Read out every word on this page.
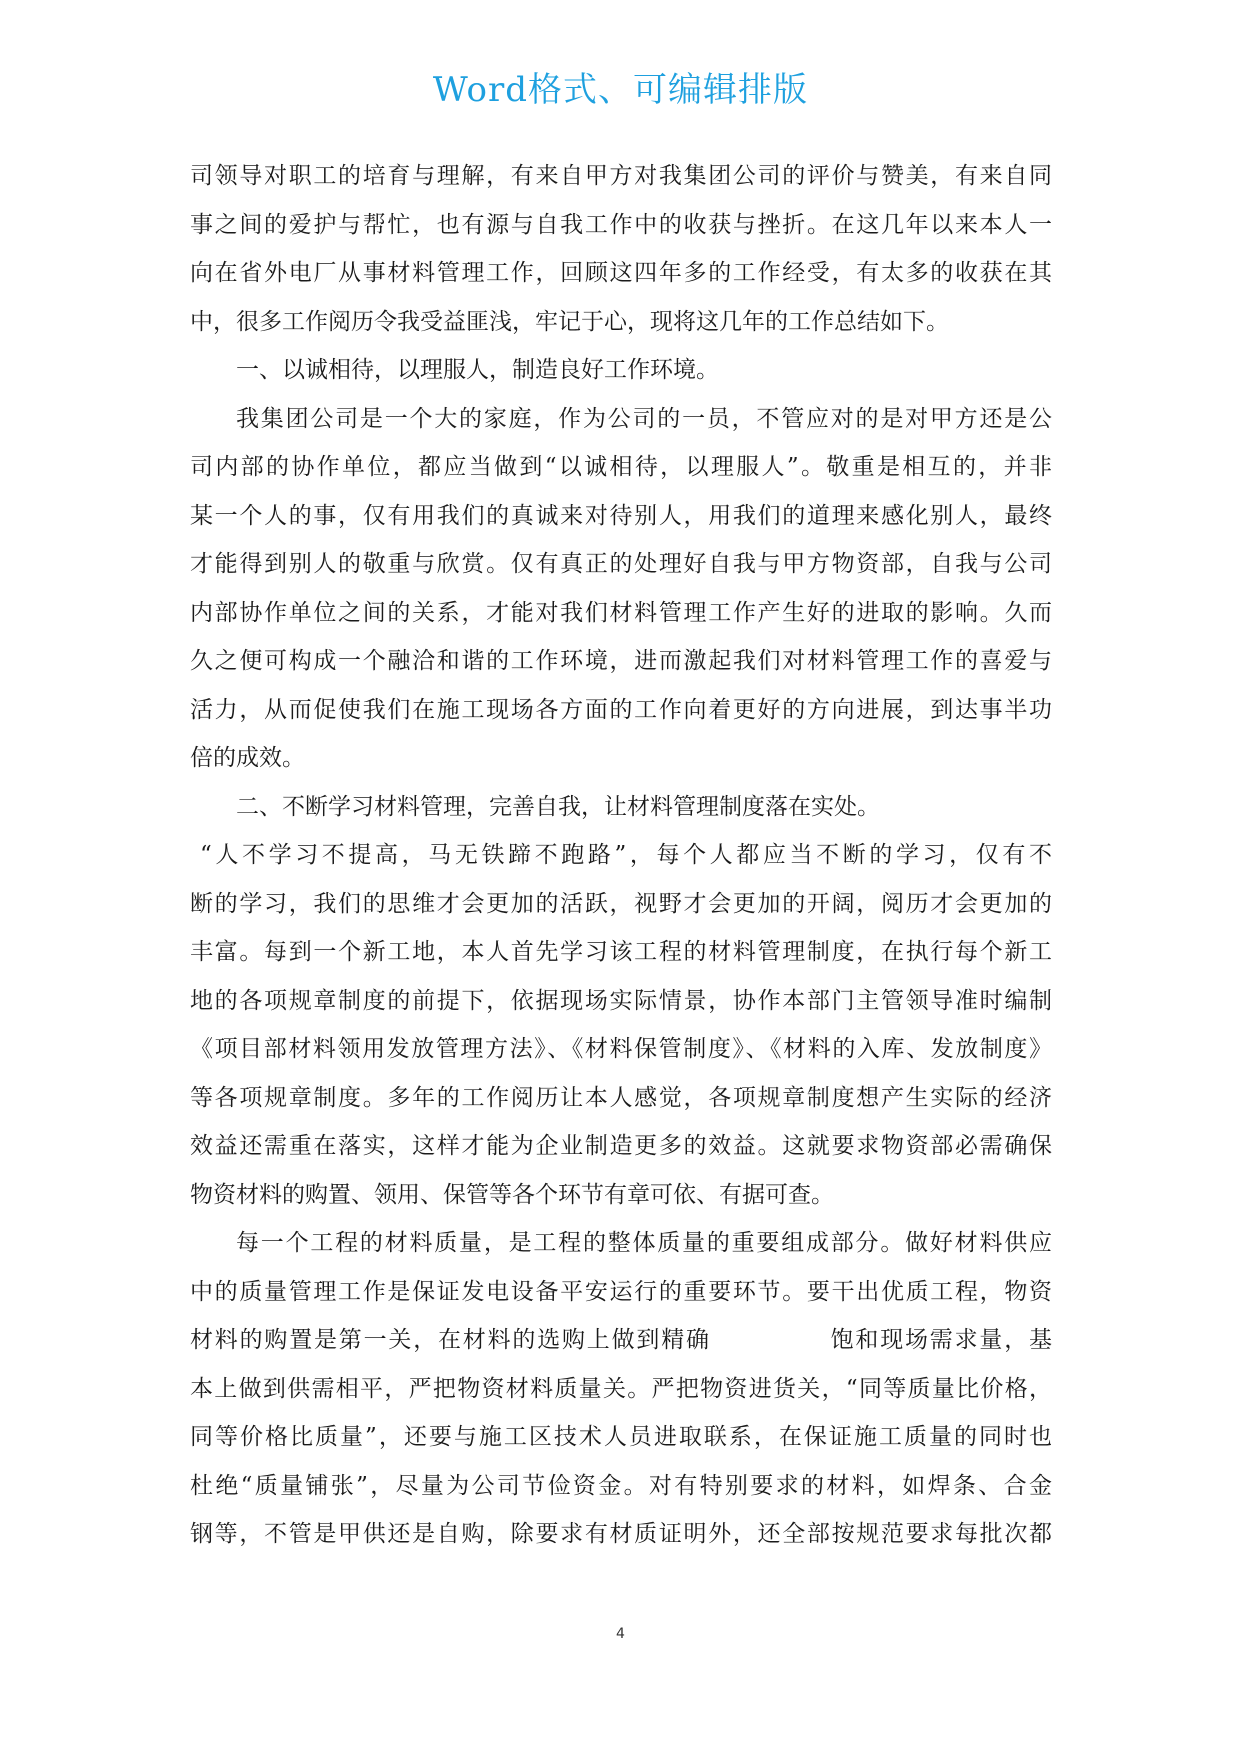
Word格式、可编辑排版
司领导对职工的培育与理解，有来自甲方对我集团公司的评价与赞美，有来自同
事之间的爱护与帮忙，也有源与自我工作中的收获与挫折。在这几年以来本人一
向在省外电厂从事材料管理工作，回顾这四年多的工作经受，有太多的收获在其
中，很多工作阅历令我受益匪浅，牢记于心，现将这几年的工作总结如下。
一、以诚相待，以理服人，制造良好工作环境。
我集团公司是一个大的家庭，作为公司的一员，不管应对的是对甲方还是公
司内部的协作单位，都应当做到“以诚相待，以理服人”。敬重是相互的，并非
某一个人的事，仅有用我们的真诚来对待别人，用我们的道理来感化别人，最终
才能得到别人的敬重与欣赏。仅有真正的处理好自我与甲方物资部，自我与公司
内部协作单位之间的关系，才能对我们材料管理工作产生好的进取的影响。久而
久之便可构成一个融洽和谐的工作环境，进而激起我们对材料管理工作的喜爱与
活力，从而促使我们在施工现场各方面的工作向着更好的方向进展，到达事半功
倍的成效。
二、不断学习材料管理，完善自我，让材料管理制度落在实处。
“人不学习不提高，马无铁蹄不跑路”，每个人都应当不断的学习，仅有不
断的学习，我们的思维才会更加的活跃，视野才会更加的开阔，阅历才会更加的
丰富。每到一个新工地，本人首先学习该工程的材料管理制度，在执行每个新工
地的各项规章制度的前提下，依据现场实际情景，协作本部门主管领导准时编制
《项目部材料领用发放管理方法》、《材料保管制度》、《材料的入库、发放制度》
等各项规章制度。多年的工作阅历让本人感觉，各项规章制度想产生实际的经济
效益还需重在落实，这样才能为企业制造更多的效益。这就要求物资部必需确保
物资材料的购置、领用、保管等各个环节有章可依、有据可查。
每一个工程的材料质量，是工程的整体质量的重要组成部分。做好材料供应
中的质量管理工作是保证发电设备平安运行的重要环节。要干出优质工程，物资
材料的购置是第一关，在材料的选购上做到精确	饱和现场需求量，基
本上做到供需相平，严把物资材料质量关。严把物资进货关，“同等质量比价格，
同等价格比质量”，还要与施工区技术人员进取联系，在保证施工质量的同时也
杜绝“质量铺张”，尽量为公司节俭资金。对有特别要求的材料，如焊条、合金
钢等，不管是甲供还是自购，除要求有材质证明外，还全部按规范要求每批次都
4
